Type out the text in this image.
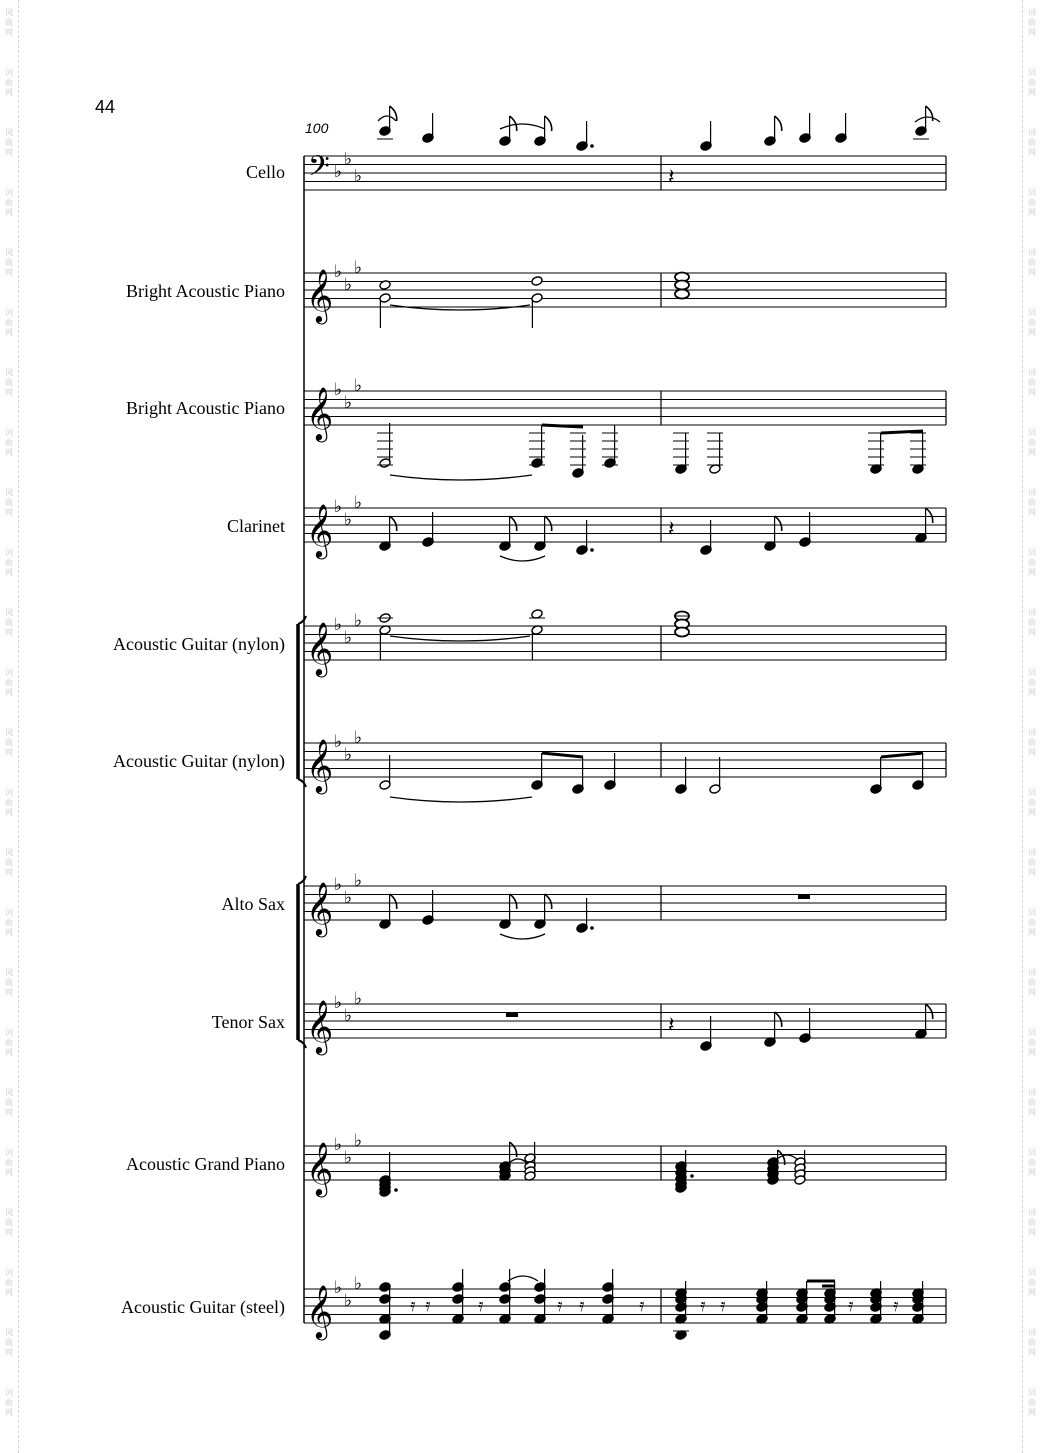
词
曲
网
词
曲
网
词
曲
网
词
曲
网
词
曲
网
词
曲
网
词
曲
网
词
曲
网
词
曲
网
词
曲
网
词
曲
网
词
曲
网
词
曲
网
词
曲
网
词
曲
网
词
曲
网
词
曲
网
词
曲
网
词
曲
网
词
曲
网
词
曲
网
词
曲
网
词
曲
网
词
曲
网
词
曲
网
词
曲
网
词
曲
网
词
曲
网
词
曲
网
词
曲
网
词
曲
网
词
曲
网
词
曲
网
词
曲
网
词
曲
网
词
曲
网
词
曲
网
词
曲
网
词
曲
网
词
曲
网
词
曲
网
词
曲
网
词
曲
网
词
曲
网
词
曲
网
词
曲
网
词
曲
网
词
曲
网
44
100
Cello
Bright Acoustic Piano
Bright Acoustic Piano
Clarinet
Acoustic Guitar (nylon)
Acoustic Guitar (nylon)
Alto Sax
Tenor Sax
Acoustic Grand Piano
Acoustic Guitar (steel)
𝄢 ♭
♭
♭
𝄞 ♭
♭
♭
𝄞 ♭
♭
♭
𝄞 ♭
♭
♭
𝄞 ♭
♭
♭
𝄞 ♭
♭
♭
𝄞 ♭
♭
♭
𝄞 ♭
♭
♭
𝄞 ♭
♭
♭
𝄞 ♭
♭
♭
𝄽
𝄽
𝄽
𝄿	𝄿	𝄿
𝄿	𝄿	𝄿	𝄿 𝄿	𝄿 𝄿
